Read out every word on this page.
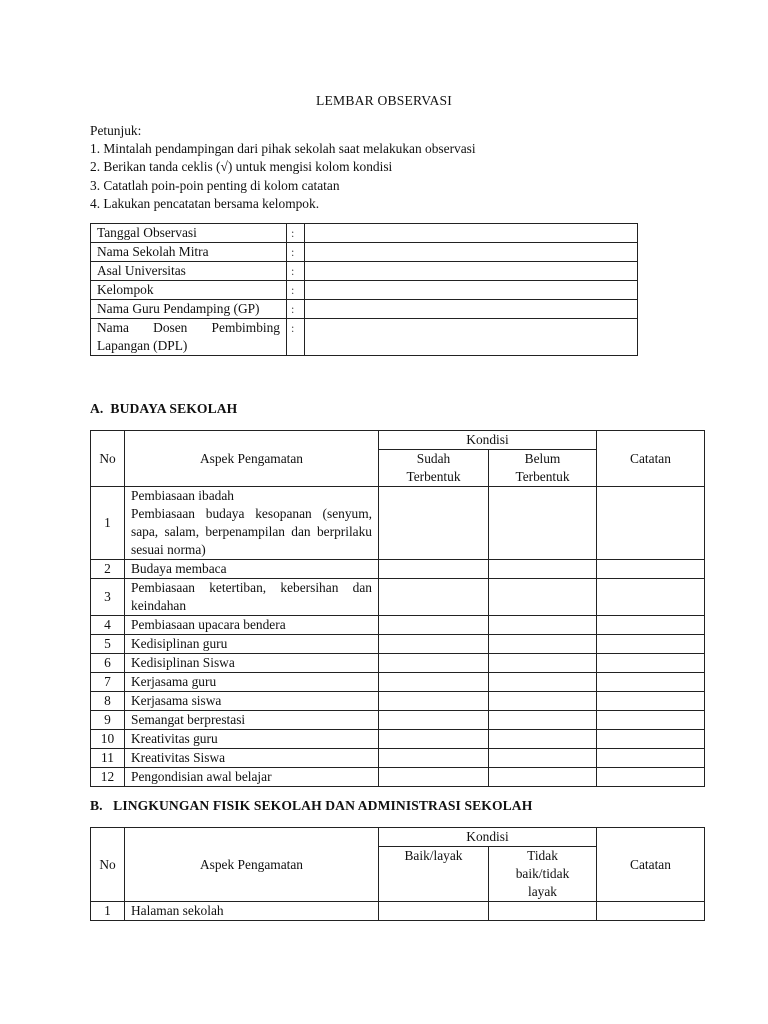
LEMBAR OBSERVASI
Petunjuk:
1. Mintalah pendampingan dari pihak sekolah saat melakukan observasi
2. Berikan tanda ceklis (√) untuk mengisi kolom kondisi
3. Catatlah poin-poin penting di kolom catatan
4. Lakukan pencatatan bersama kelompok.
Tanggal Observasi	:	
Nama Sekolah Mitra	:	
Asal Universitas	:	
Kelompok	:	
Nama Guru Pendamping (GP)	:	
Nama Dosen Pembimbing Lapangan (DPL)	:	
A.  BUDAYA SEKOLAH
No	Aspek Pengamatan	Kondisi		Catatan
		Sudah Terbentuk	Belum Terbentuk	
1	Pembiasaan ibadah
Pembiasaan budaya kesopanan (senyum, sapa, salam, berpenampilan dan berprilaku sesuai norma)			

2	Budaya membaca			

3	Pembiasaan ketertiban, kebersihan dan keindahan			

4	Pembiasaan upacara bendera			

5	Kedisiplinan guru			

6	Kedisiplinan Siswa			

7	Kerjasama guru			

8	Kerjasama siswa			

9	Semangat berprestasi			

10	Kreativitas guru			

11	Kreativitas Siswa			

12	Pengondisian awal belajar			

B.   LINGKUNGAN FISIK SEKOLAH DAN ADMINISTRASI SEKOLAH
No	Aspek Pengamatan	Kondisi		Catatan
		Baik/layak	Tidak baik/tidak layak	
1	Halaman sekolah			
